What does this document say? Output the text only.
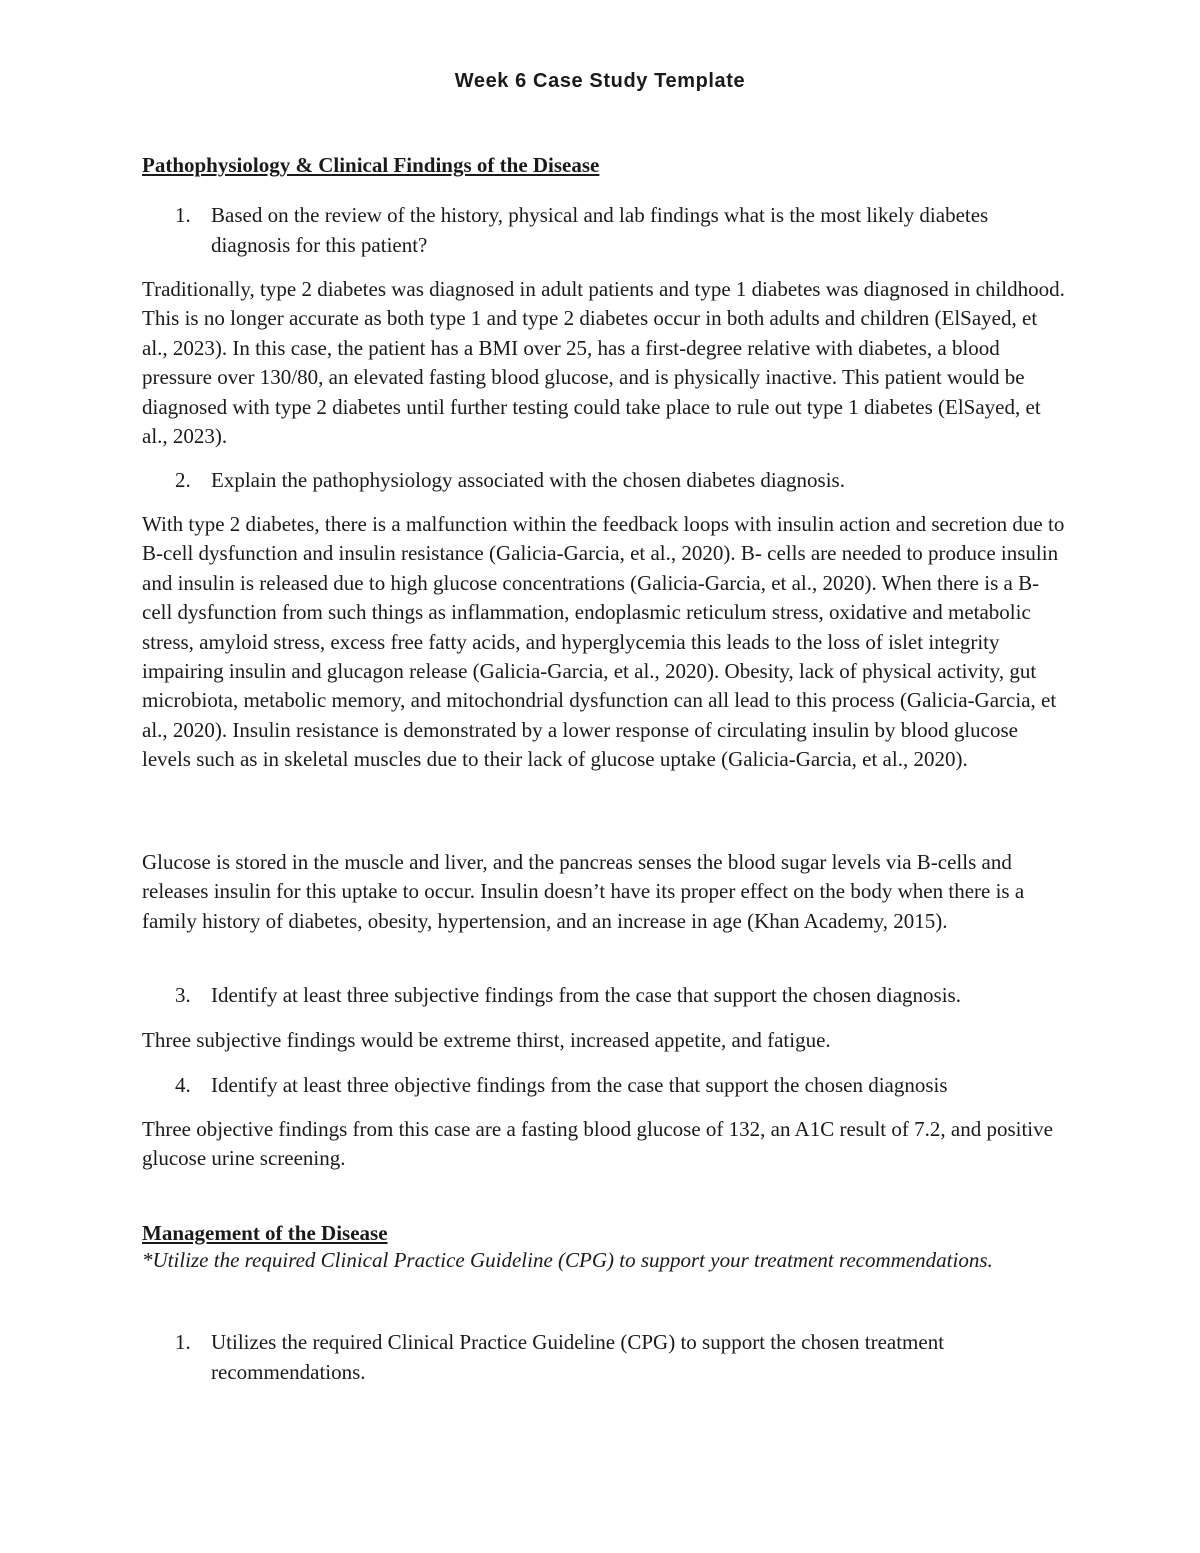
Week 6 Case Study Template
Pathophysiology & Clinical Findings of the Disease
1. Based on the review of the history, physical and lab findings what is the most likely diabetes diagnosis for this patient?

Traditionally, type 2 diabetes was diagnosed in adult patients and type 1 diabetes was diagnosed in childhood. This is no longer accurate as both type 1 and type 2 diabetes occur in both adults and children (ElSayed, et al., 2023). In this case, the patient has a BMI over 25, has a first-degree relative with diabetes, a blood pressure over 130/80, an elevated fasting blood glucose, and is physically inactive. This patient would be diagnosed with type 2 diabetes until further testing could take place to rule out type 1 diabetes (ElSayed, et al., 2023).

2. Explain the pathophysiology associated with the chosen diabetes diagnosis.

With type 2 diabetes, there is a malfunction within the feedback loops with insulin action and secretion due to B-cell dysfunction and insulin resistance (Galicia-Garcia, et al., 2020). B- cells are needed to produce insulin and insulin is released due to high glucose concentrations (Galicia-Garcia, et al., 2020). When there is a B-cell dysfunction from such things as inflammation, endoplasmic reticulum stress, oxidative and metabolic stress, amyloid stress, excess free fatty acids, and hyperglycemia this leads to the loss of islet integrity impairing insulin and glucagon release (Galicia-Garcia, et al., 2020). Obesity, lack of physical activity, gut microbiota, metabolic memory, and mitochondrial dysfunction can all lead to this process (Galicia-Garcia, et al., 2020). Insulin resistance is demonstrated by a lower response of circulating insulin by blood glucose levels such as in skeletal muscles due to their lack of glucose uptake (Galicia-Garcia, et al., 2020).

Glucose is stored in the muscle and liver, and the pancreas senses the blood sugar levels via B-cells and releases insulin for this uptake to occur. Insulin doesn’t have its proper effect on the body when there is a family history of diabetes, obesity, hypertension, and an increase in age (Khan Academy, 2015).

3. Identify at least three subjective findings from the case that support the chosen diagnosis.

Three subjective findings would be extreme thirst, increased appetite, and fatigue.

4. Identify at least three objective findings from the case that support the chosen diagnosis

Three objective findings from this case are a fasting blood glucose of 132, an A1C result of 7.2, and positive glucose urine screening.

Management of the Disease

*Utilize the required Clinical Practice Guideline (CPG) to support your treatment recommendations.

1. Utilizes the required Clinical Practice Guideline (CPG) to support the chosen treatment recommendations.
